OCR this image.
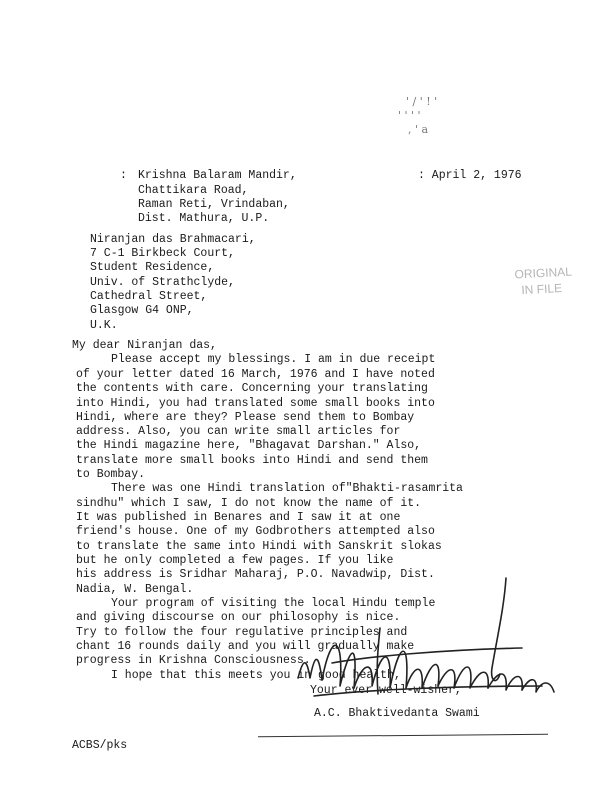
' / ' ! '
' ' ' '
, ' a
: Krishna Balaram Mandir,
Chattikara Road,
Raman Reti, Vrindaban,
Dist. Mathura, U.P.
: April 2, 1976
Niranjan das Brahmacari,
7 C-1 Birkbeck Court,
Student Residence,
Univ. of Strathclyde,
Cathedral Street,
Glasgow G4 ONP,
U.K.
ORIGINAL
IN FILE
My dear Niranjan das,
Please accept my blessings. I am in due receipt
of your letter dated 16 March, 1976 and I have noted
the contents with care. Concerning your translating
into Hindi, you had translated some small books into
Hindi, where are they? Please send them to Bombay
address. Also, you can write small articles for
the Hindi magazine here, "Bhagavat Darshan." Also,
translate more small books into Hindi and send them
to Bombay.
There was one Hindi translation of"Bhakti-rasamrita
sindhu" which I saw, I do not know the name of it.
It was published in Benares and I saw it at one
friend's house. One of my Godbrothers attempted also
to translate the same into Hindi with Sanskrit slokas
but he only completed a few pages. If you like
his address is Sridhar Maharaj, P.O. Navadwip, Dist.
Nadia, W. Bengal.
Your program of visiting the local Hindu temple
and giving discourse on our philosophy is nice.
Try to follow the four regulative principles and
chant 16 rounds daily and you will gradually make
progress in Krishna Consciousness.
I hope that this meets you in good health,
Your ever well-wisher,
A.C. Bhaktivedanta Swami
ACBS/pks
